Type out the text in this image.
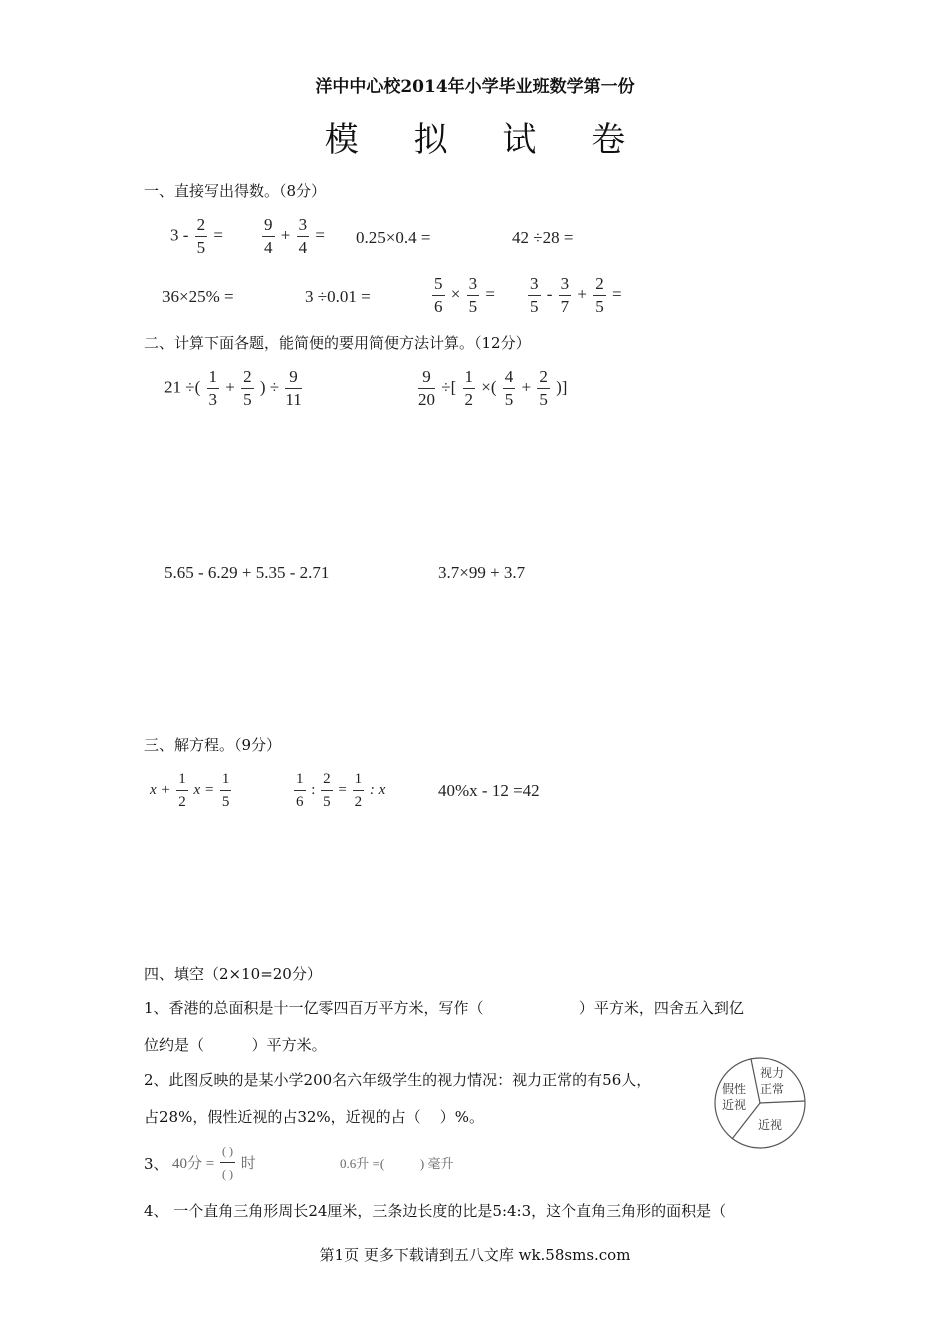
洋中中心校2014年小学毕业班数学第一份
模 拟 试 卷
一、直接写出得数。（8分）
$3 - \frac{2}{5} = \frac{9}{4} + \frac{3}{4} = 0.25\times 0.4$ =	42 ÷28 =
36×25% =	3 ÷0.01 =	$\frac{5}{6} \times \frac{3}{5} = \frac{3}{5} - \frac{3}{7} + \frac{2}{5}$ =
二、计算下面各题，能简便的要用简便方法计算。（12分）
21 ÷( $\frac{1}{3} + \frac{2}{5}$ ) ÷ $\frac{9}{11}$	$\frac{9}{20}$ ÷[ $\frac{1}{2}$ ×( $\frac{4}{5} + \frac{2}{5}$ )]
5.65 - 6.29 + 5.35 - 2.71	3.7×99 + 3.7
三、解方程。（9分）
$x + \frac{1}{2}$ $x = \frac{1}{5}$	$\frac{1}{6}$ : $\frac{2}{5} = \frac{1}{2}$ : x	40%x - 12 =42
四、填空（2×10=20分）
1、香港的总面积是十一亿零四百万平方米，写作（                    ）平方米，四舍五入到亿
位约是（          ）平方米。
2、此图反映的是某小学200名六年级学生的视力情况：视力正常的有56人，
占28%，假性近视的占32%，近视的占（    ）%。
视力
正常
假性
近视
近视
3、 40分 = $\frac{( )}{( )}$ 时	0.6升 =(           ) 毫升
4、 一个直角三角形周长24厘米，三条边长度的比是5:4:3，这个直角三角形的面积是（
第1页 更多下载请到五八文库 wk.58sms.com
